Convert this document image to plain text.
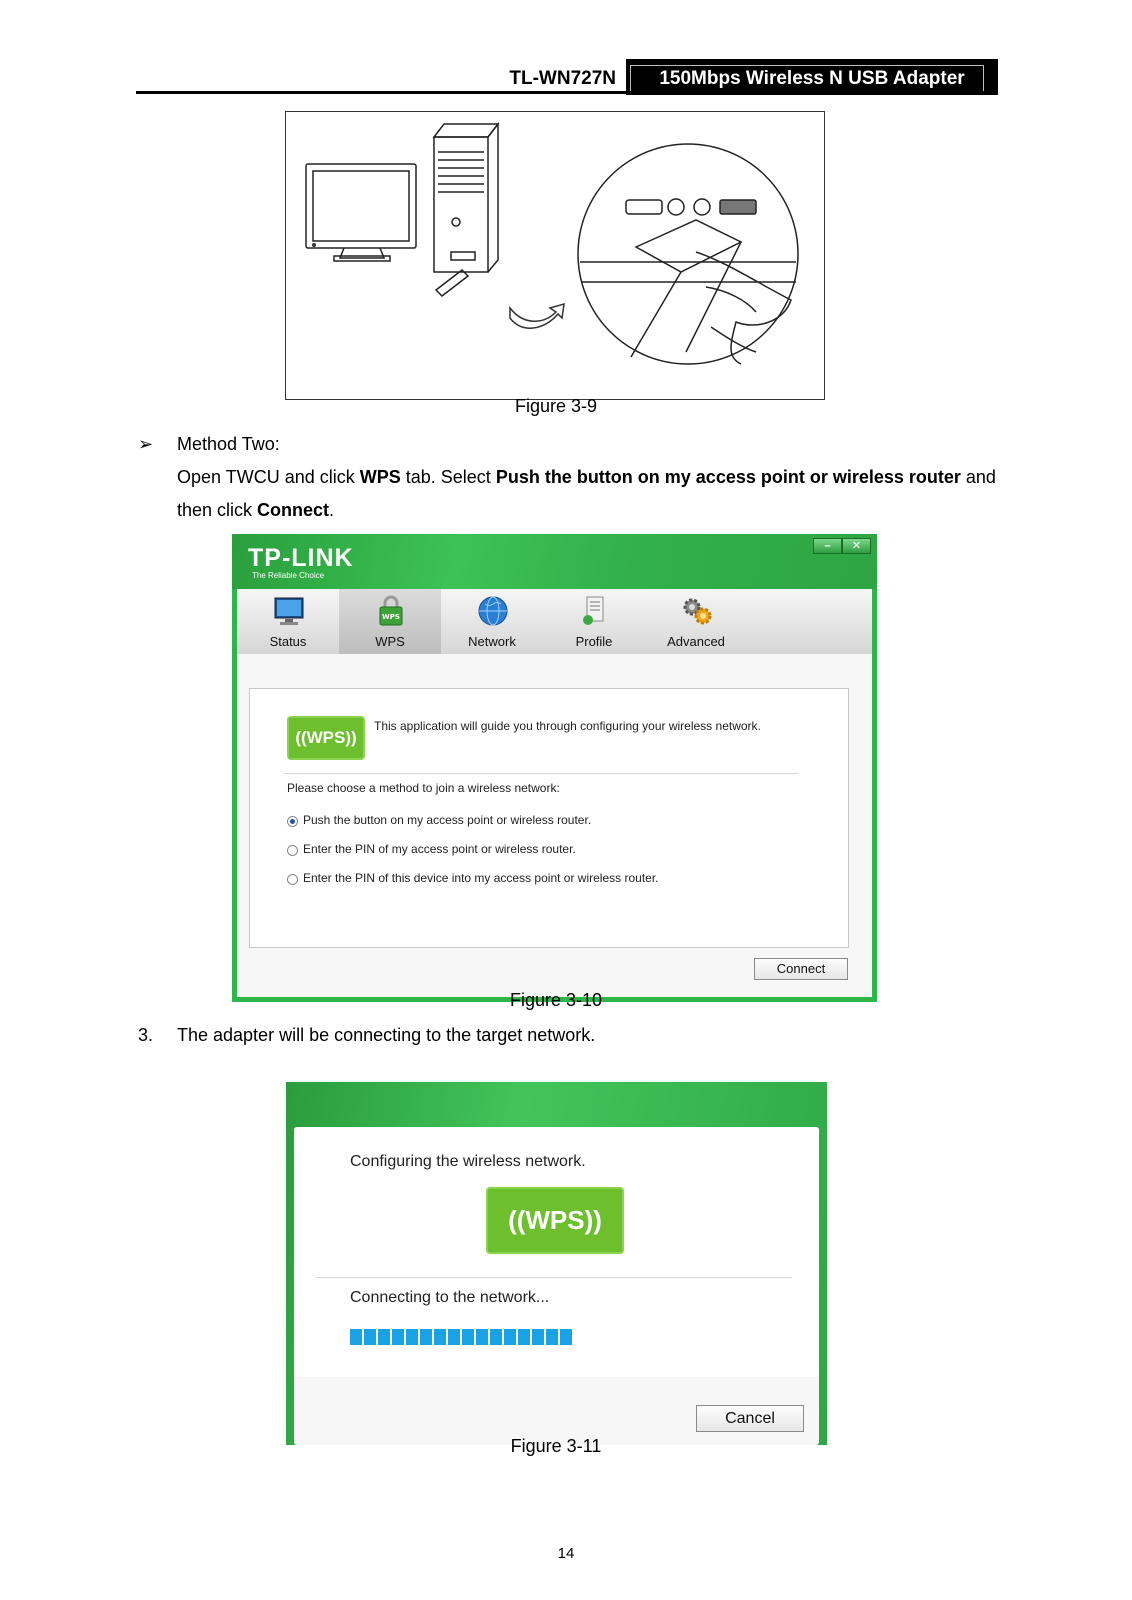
TL-WN727N	150Mbps Wireless N USB Adapter
Figure 3-9
➢ Method Two:
Open TWCU and click WPS tab. Select Push the button on my access point or wireless router and then click Connect.
TP-LINK
The Reliable Choice
–	✕
Status
WPS
WPS	Network	Profile	Advanced
((WPS))
This application will guide you through configuring your wireless network.
Please choose a method to join a wireless network:
Push the button on my access point or wireless router.
Enter the PIN of my access point or wireless router.
Enter the PIN of this device into my access point or wireless router.
Connect
Figure 3-10
3. The adapter will be connecting to the target network.
Configuring the wireless network.
((WPS))
Connecting to the network...
Cancel
Figure 3-11
14
